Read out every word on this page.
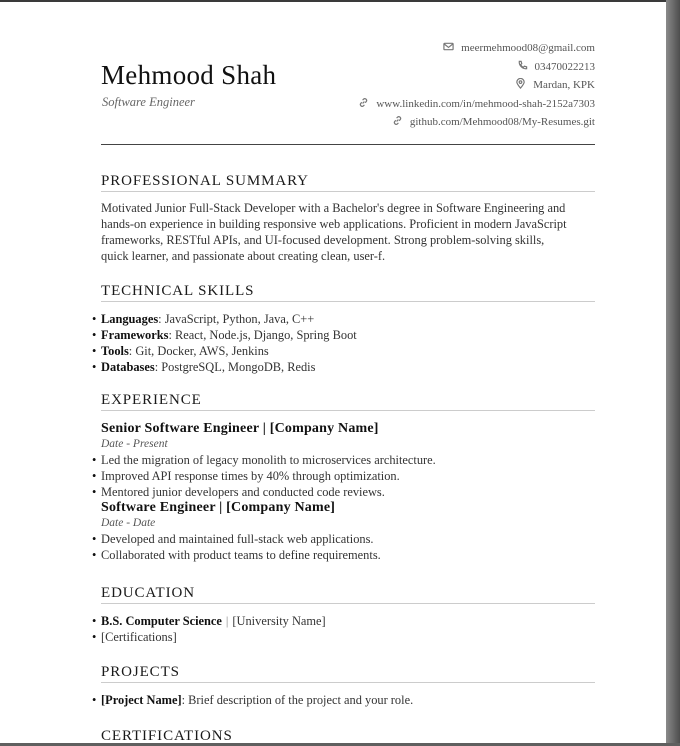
Mehmood Shah
Software Engineer
meermehmood08@gmail.com
03470022213
Mardan, KPK
www.linkedin.com/in/mehmood-shah-2152a7303
github.com/Mehmood08/My-Resumes.git
PROFESSIONAL SUMMARY
Motivated Junior Full-Stack Developer with a Bachelor's degree in Software Engineering and
hands-on experience in building responsive web applications. Proficient in modern JavaScript
frameworks, RESTful APIs, and UI-focused development. Strong problem-solving skills,
quick learner, and passionate about creating clean, user-f.
TECHNICAL SKILLS
• Languages: JavaScript, Python, Java, C++
• Frameworks: React, Node.js, Django, Spring Boot
• Tools: Git, Docker, AWS, Jenkins
• Databases: PostgreSQL, MongoDB, Redis
EXPERIENCE
Senior Software Engineer | [Company Name]
Date - Present
• Led the migration of legacy monolith to microservices architecture.
• Improved API response times by 40% through optimization.
• Mentored junior developers and conducted code reviews.
Software Engineer | [Company Name]
Date - Date
• Developed and maintained full-stack web applications.
• Collaborated with product teams to define requirements.
EDUCATION
• B.S. Computer Science | [University Name]
• [Certifications]
PROJECTS
• [Project Name]: Brief description of the project and your role.
CERTIFICATIONS
